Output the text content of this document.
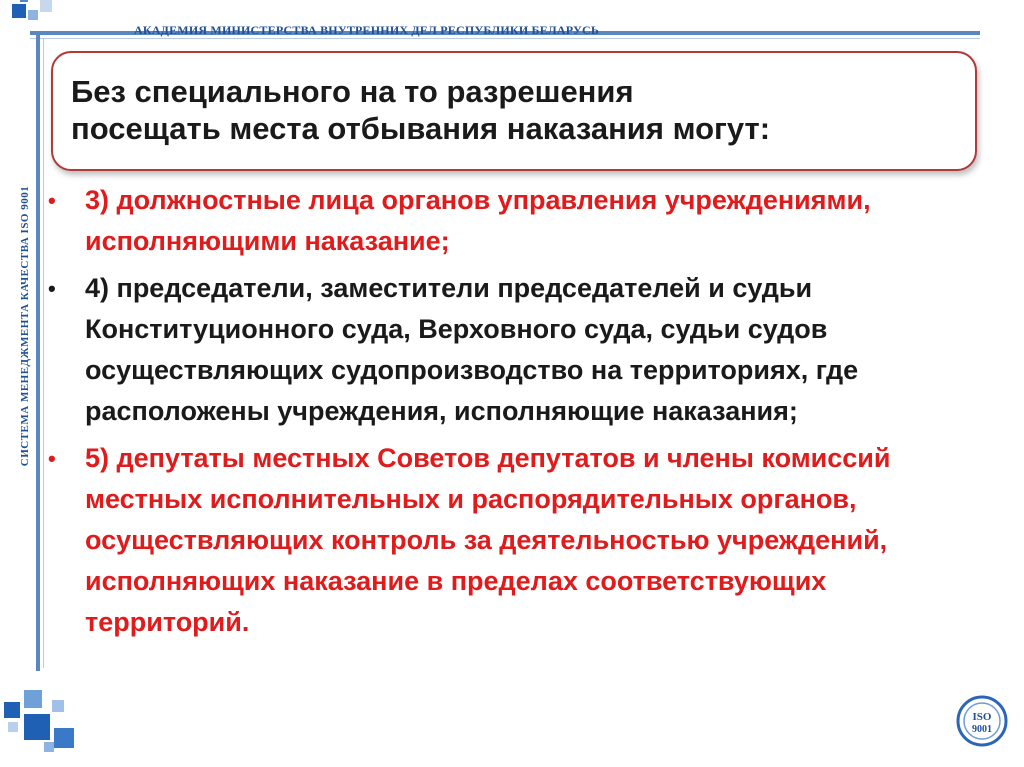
АКАДЕМИЯ МИНИСТЕРСТВА ВНУТРЕННИХ ДЕЛ РЕСПУБЛИКИ БЕЛАРУСЬ
СИСТЕМА МЕНЕДЖМЕНТА КАЧЕСТВА ISO 9001
Без специального на то разрешения
посещать места отбывания наказания могут:
• 3) должностные лица органов управления учреждениями, исполняющими наказание;
• 4) председатели, заместители председателей и судьи Конституционного суда, Верховного суда, судьи судов осуществляющих судопроизводство на территориях, где расположены учреждения, исполняющие наказания;
• 5) депутаты местных Советов депутатов и члены комиссий местных исполнительных и распорядительных органов, осуществляющих контроль за деятельностью учреждений, исполняющих наказание в пределах соответствующих территорий.
ISO
9001
